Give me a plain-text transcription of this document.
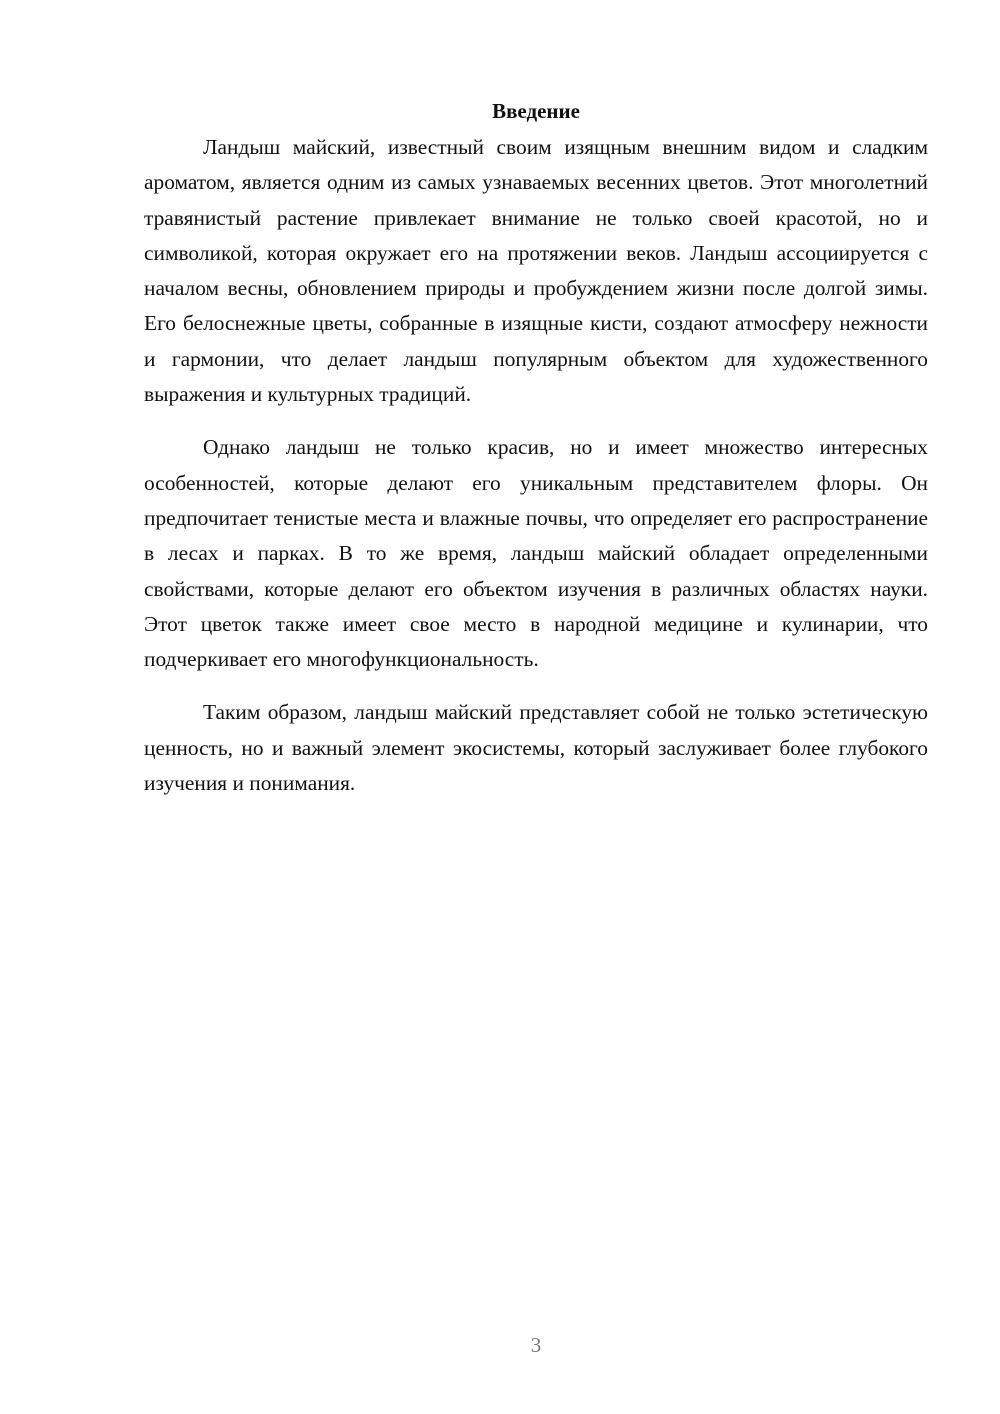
Введение

Ландыш майский, известный своим изящным внешним видом и сладким ароматом, является одним из самых узнаваемых весенних цветов. Этот многолетний травянистый растение привлекает внимание не только своей красотой, но и символикой, которая окружает его на протяжении веков. Ландыш ассоциируется с началом весны, обновлением природы и пробуждением жизни после долгой зимы. Его белоснежные цветы, собранные в изящные кисти, создают атмосферу нежности и гармонии, что делает ландыш популярным объектом для художественного выражения и культурных традиций.

Однако ландыш не только красив, но и имеет множество интересных особенностей, которые делают его уникальным представителем флоры. Он предпочитает тенистые места и влажные почвы, что определяет его распространение в лесах и парках. В то же время, ландыш майский обладает определенными свойствами, которые делают его объектом изучения в различных областях науки. Этот цветок также имеет свое место в народной медицине и кулинарии, что подчеркивает его многофункциональность.

Таким образом, ландыш майский представляет собой не только эстетическую ценность, но и важный элемент экосистемы, который заслуживает более глубокого изучения и понимания.

3
